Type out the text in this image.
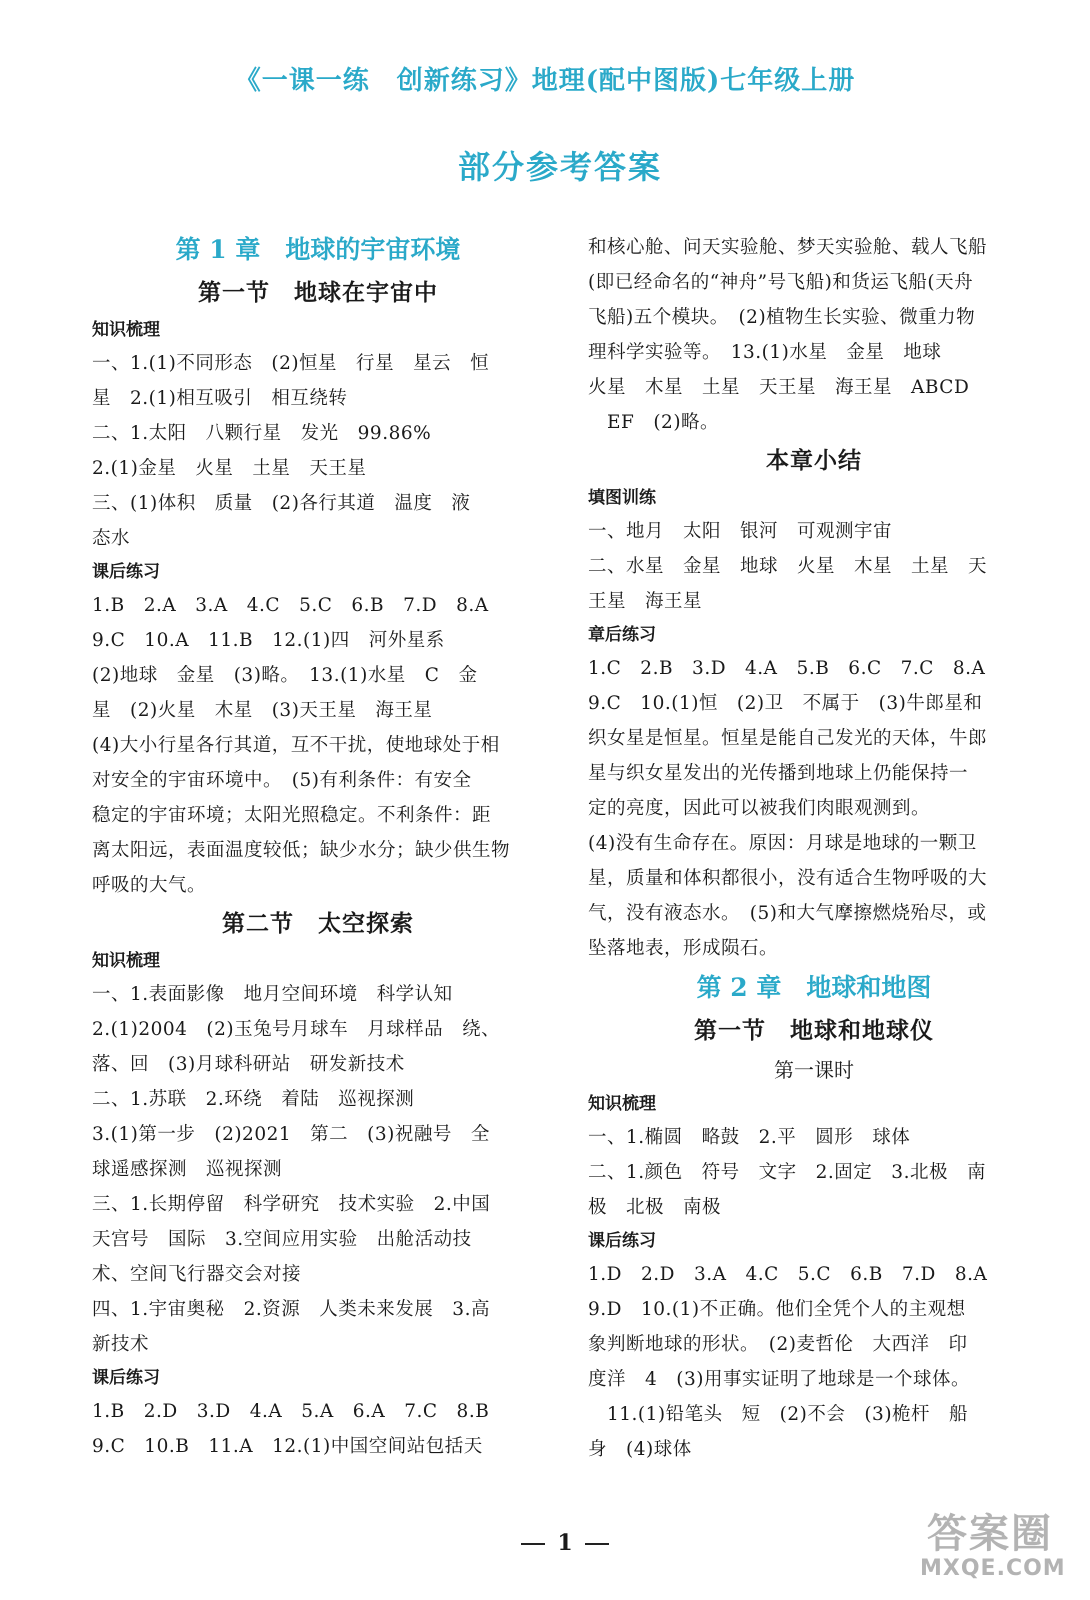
《一课一练　创新练习》地理(配中图版)七年级上册
部分参考答案
第 1 章　地球的宇宙环境
第一节　地球在宇宙中
知识梳理
一、1.(1)不同形态　(2)恒星　行星　星云　恒
星　2.(1)相互吸引　相互绕转
二、1.太阳　八颗行星　发光　99.86%
2.(1)金星　火星　土星　天王星
三、(1)体积　质量　(2)各行其道　温度　液
态水
课后练习
1.B　2.A　3.A　4.C　5.C　6.B　7.D　8.A
9.C　10.A　11.B　12.(1)四　河外星系
(2)地球　金星　(3)略。　13.(1)水星　C　金
星　(2)火星　木星　(3)天王星　海王星
(4)大小行星各行其道，互不干扰，使地球处于相
对安全的宇宙环境中。　(5)有利条件：有安全
稳定的宇宙环境；太阳光照稳定。不利条件：距
离太阳远，表面温度较低；缺少水分；缺少供生物
呼吸的大气。
第二节　太空探索
知识梳理
一、1.表面影像　地月空间环境　科学认知
2.(1)2004　(2)玉兔号月球车　月球样品　绕、
落、回　(3)月球科研站　研发新技术
二、1.苏联　2.环绕　着陆　巡视探测
3.(1)第一步　(2)2021　第二　(3)祝融号　全
球遥感探测　巡视探测
三、1.长期停留　科学研究　技术实验　2.中国
天宫号　国际　3.空间应用实验　出舱活动技
术、空间飞行器交会对接
四、1.宇宙奥秘　2.资源　人类未来发展　3.高
新技术
课后练习
1.B　2.D　3.D　4.A　5.A　6.A　7.C　8.B
9.C　10.B　11.A　12.(1)中国空间站包括天
和核心舱、问天实验舱、梦天实验舱、载人飞船
(即已经命名的“神舟”号飞船)和货运飞船(天舟
飞船)五个模块。　(2)植物生长实验、微重力物
理科学实验等。　13.(1)水星　金星　地球
火星　木星　土星　天王星　海王星　ABCD
　EF　(2)略。
本章小结
填图训练
一、地月　太阳　银河　可观测宇宙
二、水星　金星　地球　火星　木星　土星　天
王星　海王星
章后练习
1.C　2.B　3.D　4.A　5.B　6.C　7.C　8.A
9.C　10.(1)恒　(2)卫　不属于　(3)牛郎星和
织女星是恒星。恒星是能自己发光的天体，牛郎
星与织女星发出的光传播到地球上仍能保持一
定的亮度，因此可以被我们肉眼观测到。
(4)没有生命存在。原因：月球是地球的一颗卫
星，质量和体积都很小，没有适合生物呼吸的大
气，没有液态水。　(5)和大气摩擦燃烧殆尽，或
坠落地表，形成陨石。
第 2 章　地球和地图
第一节　地球和地球仪
第一课时
知识梳理
一、1.椭圆　略鼓　2.平　圆形　球体
二、1.颜色　符号　文字　2.固定　3.北极　南
极　北极　南极
课后练习
1.D　2.D　3.A　4.C　5.C　6.B　7.D　8.A
9.D　10.(1)不正确。他们全凭个人的主观想
象判断地球的形状。　(2)麦哲伦　大西洋　印
度洋　4　(3)用事实证明了地球是一个球体。
　11.(1)铅笔头　短　(2)不会　(3)桅杆　船
身　(4)球体
1	答案圈
MXQE.COM
